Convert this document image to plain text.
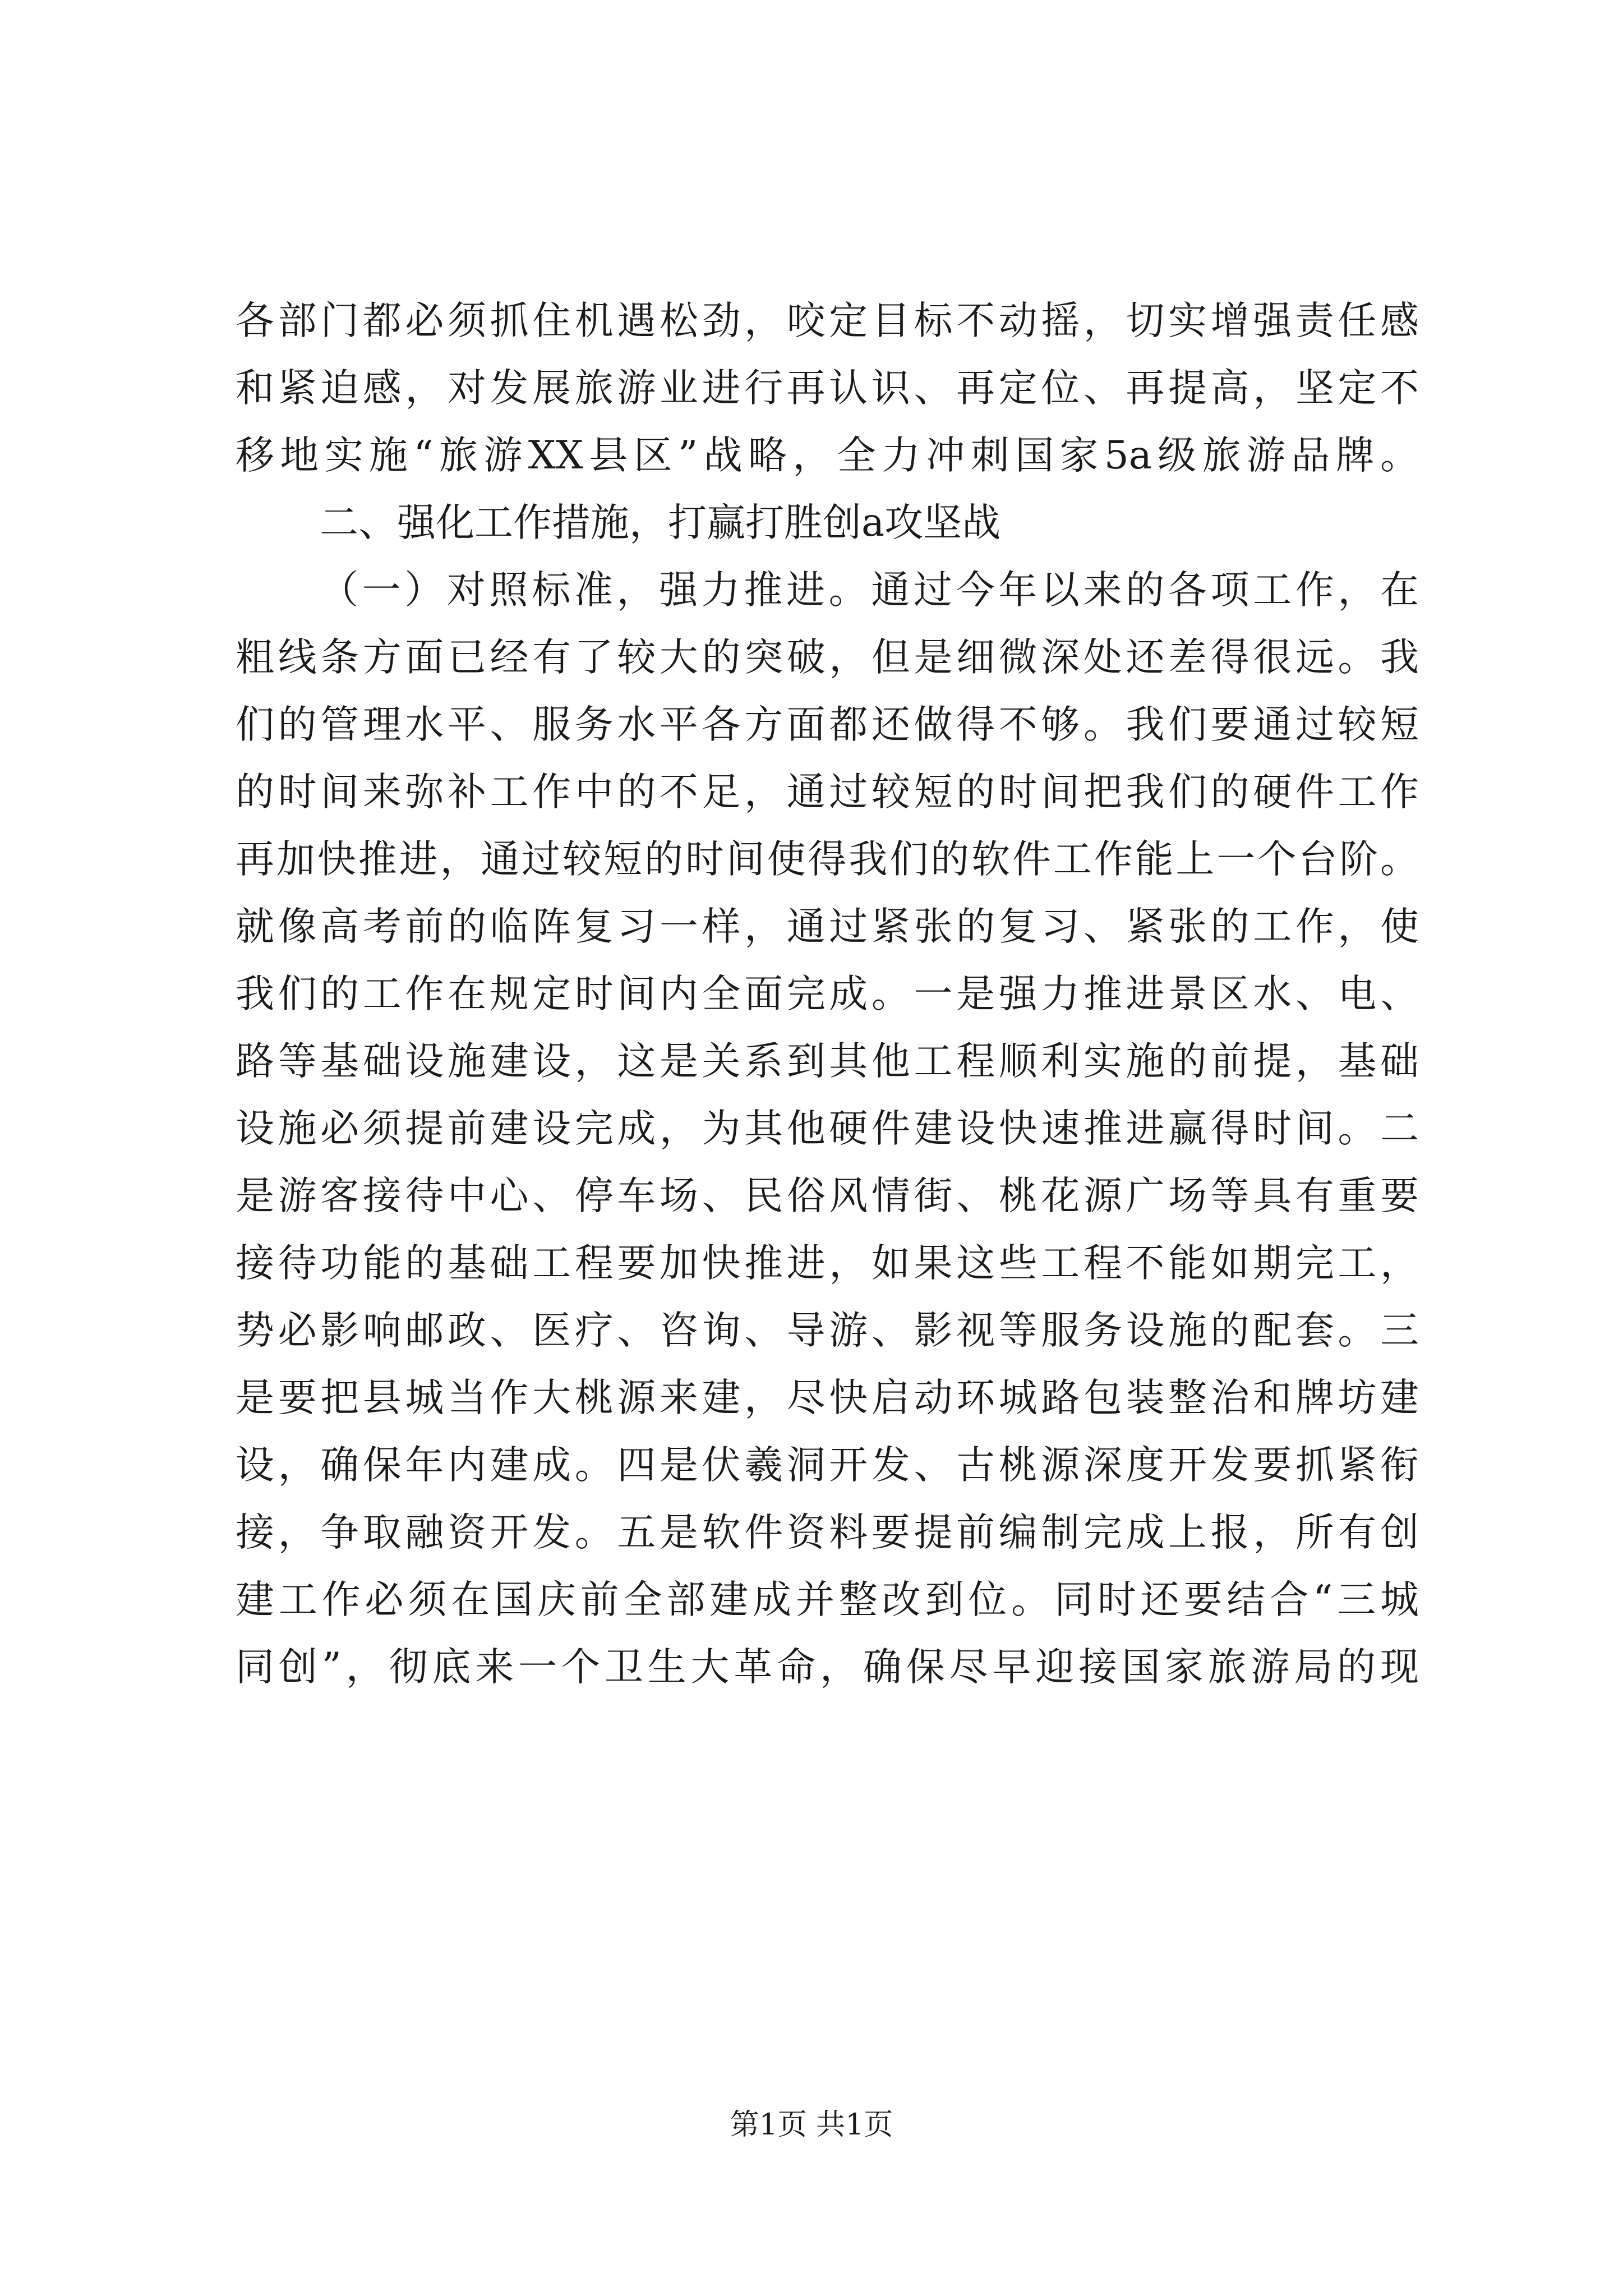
各部门都必须抓住机遇松劲，咬定目标不动摇，切实增强责任感

和紧迫感，对发展旅游业进行再认识、再定位、再提高，坚定不

移地实施“旅游XX县区”战略，全力冲刺国家5a级旅游品牌。

二、强化工作措施，打赢打胜创a攻坚战

（一）对照标准，强力推进。通过今年以来的各项工作，在

粗线条方面已经有了较大的突破，但是细微深处还差得很远。我

们的管理水平、服务水平各方面都还做得不够。我们要通过较短

的时间来弥补工作中的不足，通过较短的时间把我们的硬件工作

再加快推进，通过较短的时间使得我们的软件工作能上一个台阶。

就像高考前的临阵复习一样，通过紧张的复习、紧张的工作，使

我们的工作在规定时间内全面完成。一是强力推进景区水、电、

路等基础设施建设，这是关系到其他工程顺利实施的前提，基础

设施必须提前建设完成，为其他硬件建设快速推进赢得时间。二

是游客接待中心、停车场、民俗风情街、桃花源广场等具有重要

接待功能的基础工程要加快推进，如果这些工程不能如期完工，

势必影响邮政、医疗、咨询、导游、影视等服务设施的配套。三

是要把县城当作大桃源来建，尽快启动环城路包装整治和牌坊建

设，确保年内建成。四是伏羲洞开发、古桃源深度开发要抓紧衔

接，争取融资开发。五是软件资料要提前编制完成上报，所有创

建工作必须在国庆前全部建成并整改到位。同时还要结合“三城

同创”，彻底来一个卫生大革命，确保尽早迎接国家旅游局的现

第1页 共1页
